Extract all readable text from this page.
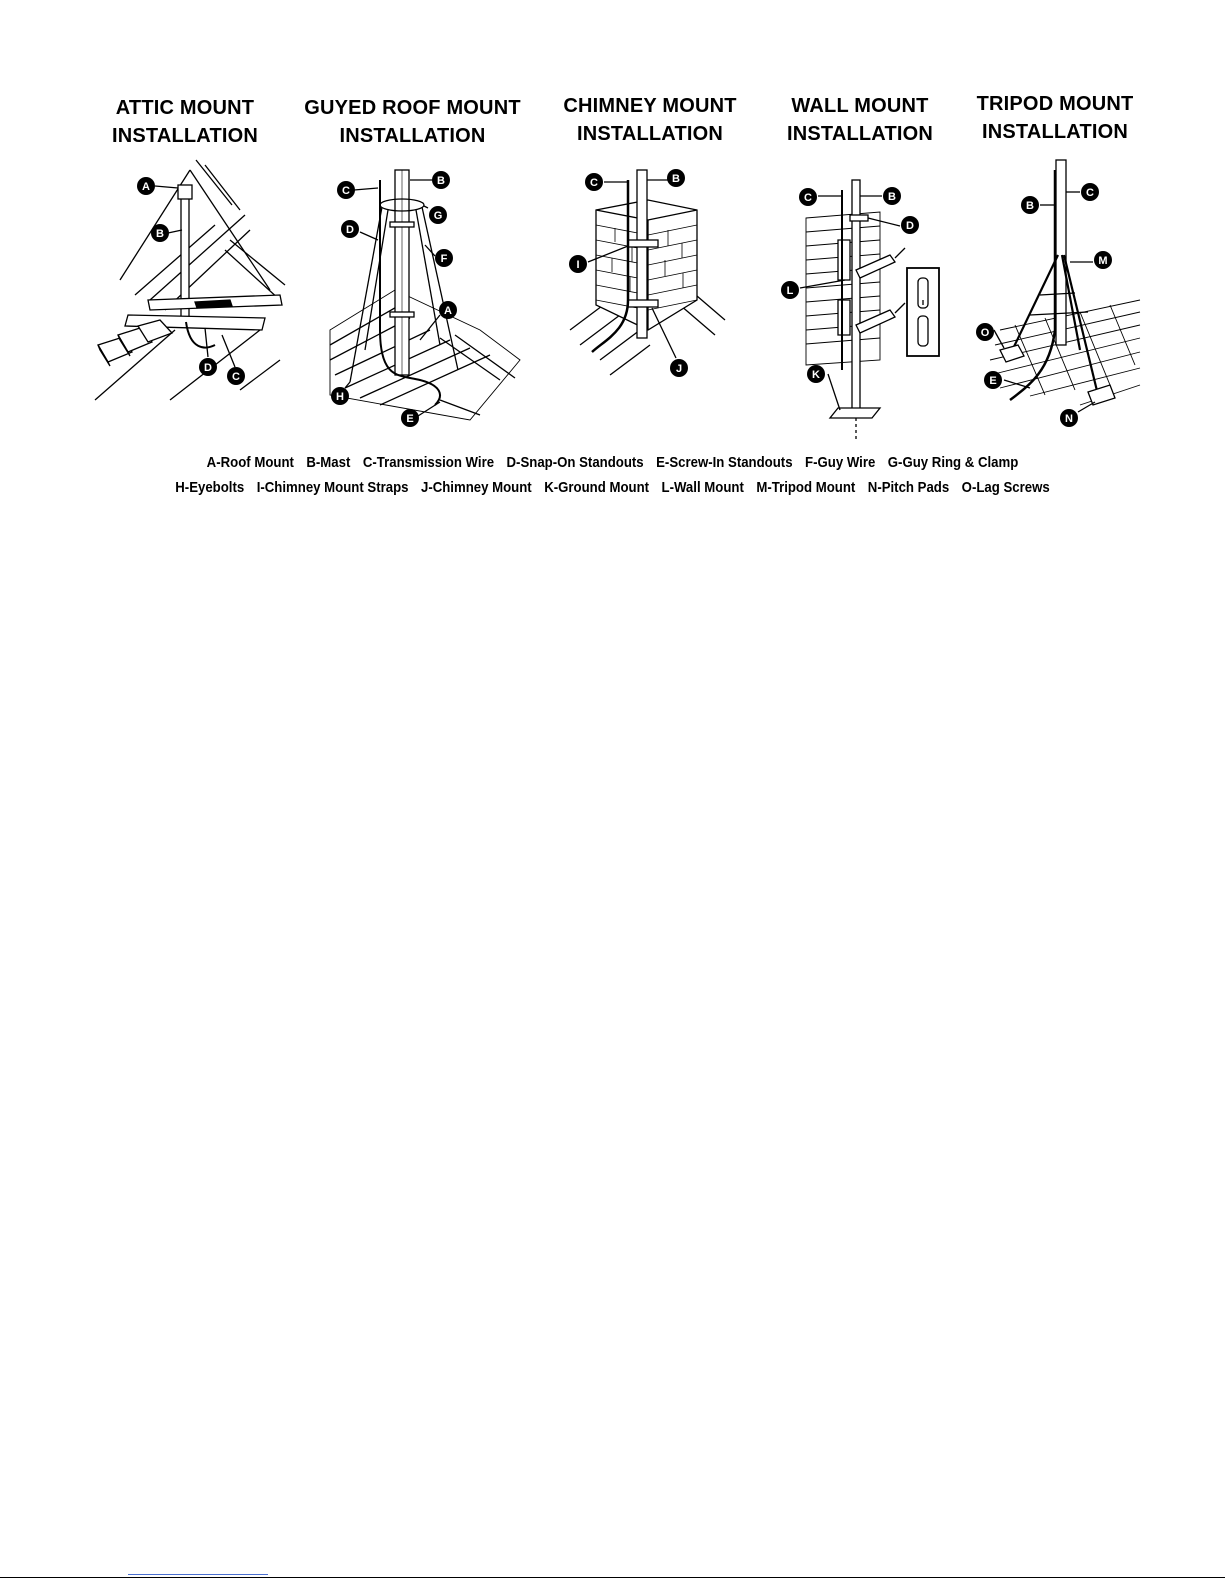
ATTIC MOUNT
INSTALLATION
GUYED ROOF MOUNT
INSTALLATION
CHIMNEY MOUNT
INSTALLATION
WALL MOUNT
INSTALLATION
TRIPOD MOUNT
INSTALLATION
A
B
D
C
C
B
G
D
F
A
H
E
C	B
I
J
C	B
D
L
K
B
C
M
O
E
N
A-Roof Mount B-Mast C-Transmission Wire D-Snap-On Standouts E-Screw-In Standouts F-Guy Wire G-Guy Ring & Clamp
H-Eyebolts I-Chimney Mount Straps J-Chimney Mount K-Ground Mount L-Wall Mount M-Tripod Mount N-Pitch Pads O-Lag Screws
